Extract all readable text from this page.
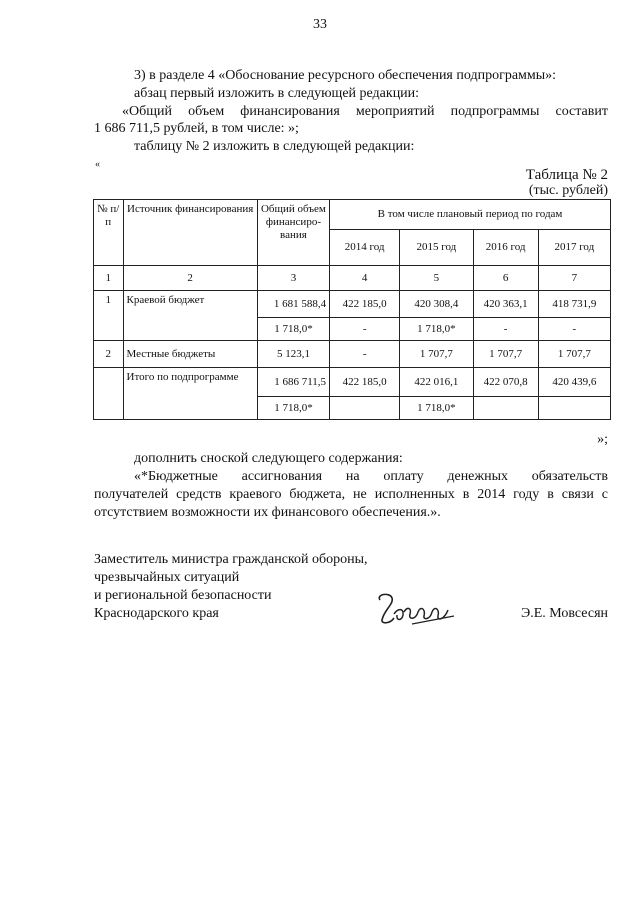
33
3) в разделе 4 «Обоснование ресурсного обеспечения подпрограммы»:
абзац первый изложить в следующей редакции:
«Общий объем финансирования мероприятий подпрограммы составит
1 686 711,5 рублей, в том числе: »;
таблицу № 2 изложить в следующей редакции:
«
Таблица № 2
(тыс. рублей)
№ п/п	Источник финансирования	Общий объем финансиро-вания	В том числе плановый период по годам			
			2014 год	2015 год	2016 год	2017 год
1	2	3	4	5	6	7
1	Краевой бюджет	1 681 588,4	422 185,0	420 308,4	420 363,1	418 731,9
		1 718,0*	-	1 718,0*	-	-
2	Местные бюджеты	5 123,1	-	1 707,7	1 707,7	1 707,7
	Итого по подпрограмме	1 686 711,5	422 185,0	422 016,1	422 070,8	420 439,6
		1 718,0*		1 718,0*		
»;
дополнить сноской следующего содержания:
«*Бюджетные ассигнования на оплату денежных обязательств
получателей средств краевого бюджета, не исполненных в 2014 году в связи с
отсутствием возможности их финансового обеспечения.».
Заместитель министра гражданской обороны,
чрезвычайных ситуаций
и региональной безопасности
Краснодарского края	Э.Е. Мовсесян
